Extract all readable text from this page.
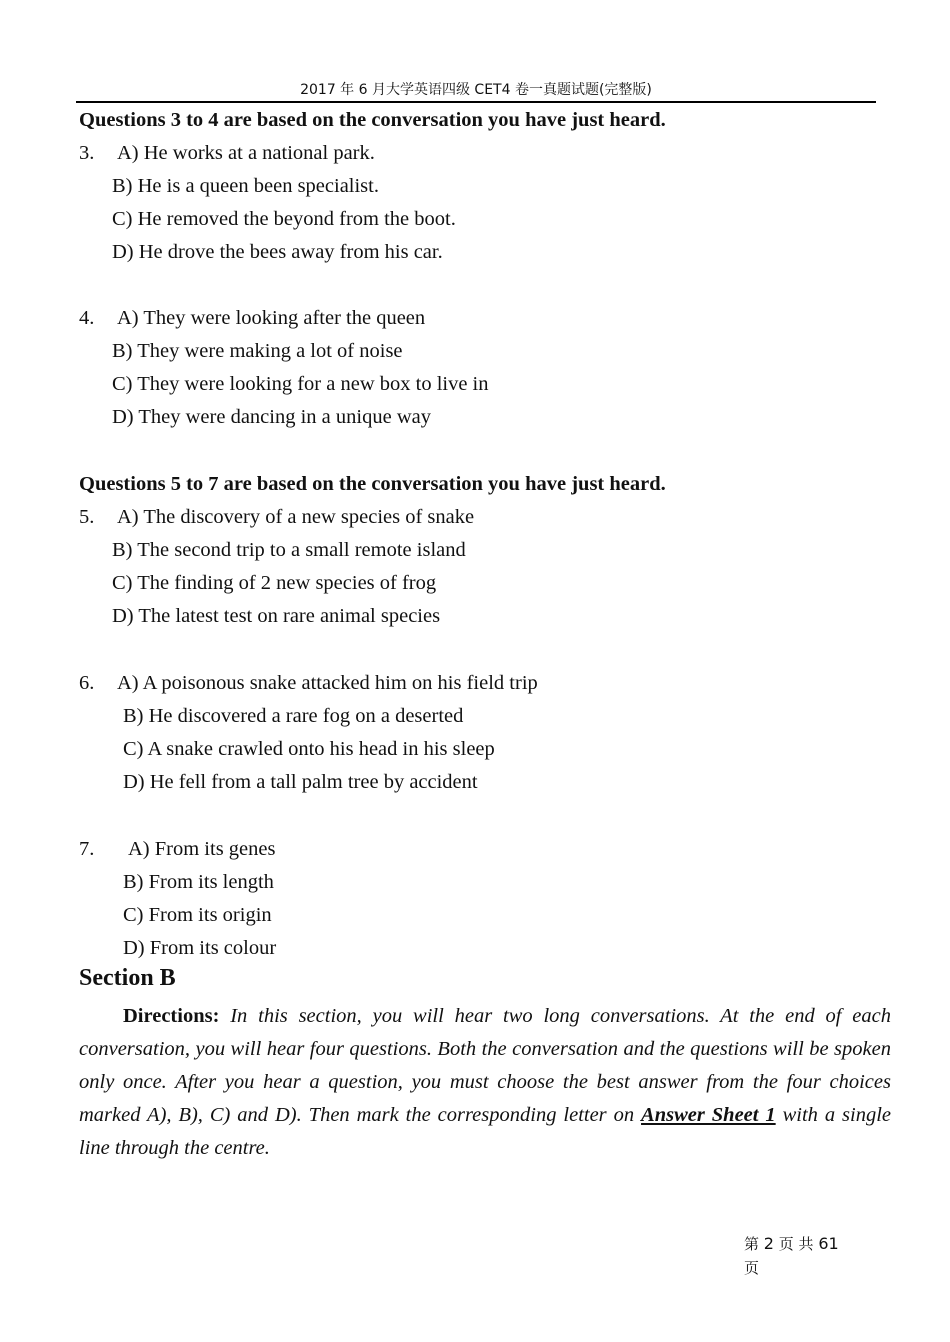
2017 年 6 月大学英语四级 CET4 卷一真题试题(完整版)
Questions 3 to 4 are based on the conversation you have just heard.
3. A) He works at a national park.
B) He is a queen been specialist.
C) He removed the beyond from the boot.
D) He drove the bees away from his car.
4. A) They were looking after the queen
B) They were making a lot of noise
C) They were looking for a new box to live in
D) They were dancing in a unique way
Questions 5 to 7 are based on the conversation you have just heard.
5. A) The discovery of a new species of snake
B) The second trip to a small remote island
C) The finding of 2 new species of frog
D) The latest test on rare animal species
6. A) A poisonous snake attacked him on his field trip
B) He discovered a rare fog on a deserted
C) A snake crawled onto his head in his sleep
D) He fell from a tall palm tree by accident
7. A) From its genes
B) From its length
C) From its origin
D) From its colour
Section B
Directions: In this section, you will hear two long conversations. At the end of each conversation, you will hear four questions. Both the conversation and the questions will be spoken only once. After you hear a question, you must choose the best answer from the four choices marked A), B), C) and D). Then mark the corresponding letter on Answer Sheet 1 with a single line through the centre.
第 2 页 共 61
页
